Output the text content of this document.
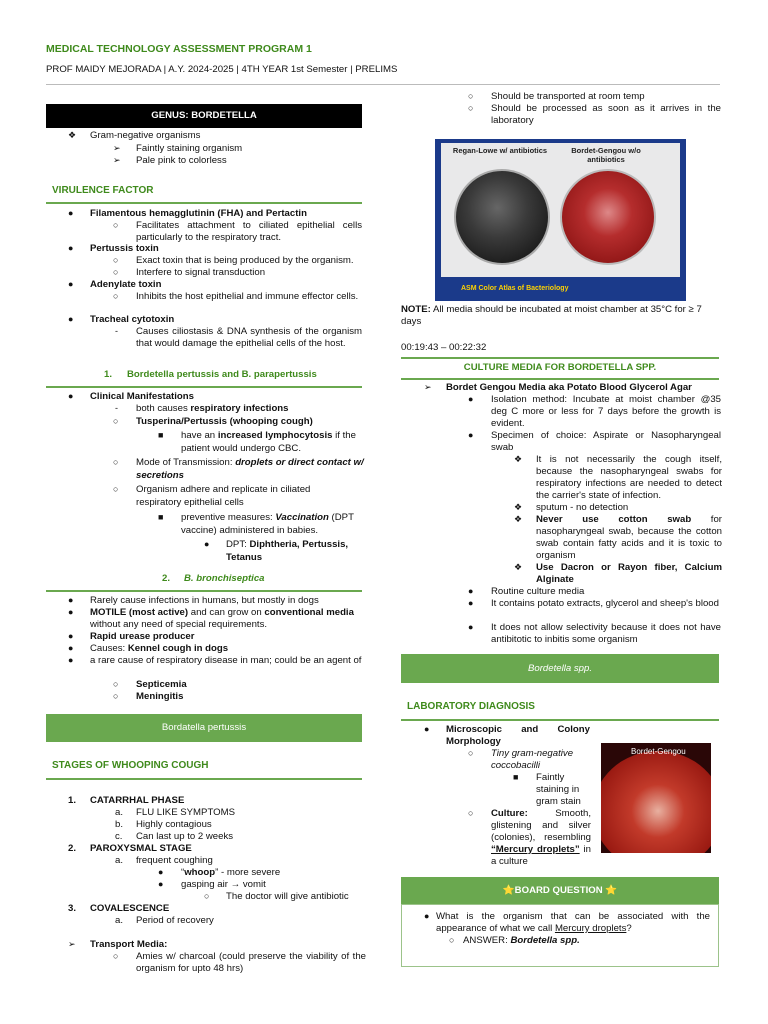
MEDICAL TECHNOLOGY ASSESSMENT PROGRAM 1
PROF MAIDY MEJORADA | A.Y. 2024-2025 | 4TH YEAR 1st Semester | PRELIMS
GENUS: BORDETELLA
❖ Gram-negative organisms
➢ Faintly staining organism
➢ Pale pink to colorless
VIRULENCE FACTOR
● Filamentous hemagglutinin (FHA) and Pertactin
○ Facilitates attachment to ciliated epithelial cells particularly to the respiratory tract.
● Pertussis toxin
○ Exact toxin that is being produced by the organism.
○ Interfere to signal transduction
● Adenylate toxin
○ Inhibits the host epithelial and immune effector cells.
● Tracheal cytotoxin
- Causes ciliostasis & DNA synthesis of the organism that would damage the epithelial cells of the host.
1. Bordetella pertussis and B. parapertussis
● Clinical Manifestations
- both causes respiratory infections
○ Tusperina/Pertussis (whooping cough)
■ have an increased lymphocytosis if the patient would undergo CBC.
○ Mode of Transmission: droplets or direct contact w/ secretions
○ Organism adhere and replicate in ciliated respiratory epithelial cells
■ preventive measures: Vaccination (DPT vaccine) administered in babies.
● DPT: Diphtheria, Pertussis, Tetanus
2. B. bronchiseptica
● Rarely cause infections in humans, but mostly in dogs
● MOTILE (most active) and can grow on conventional media without any need of special requirements.
● Rapid urease producer
● Causes: Kennel cough in dogs
● a rare cause of respiratory disease in man; could be an agent of
○ Septicemia
○ Meningitis
Bordatella pertussis
STAGES OF WHOOPING COUGH
1. CATARRHAL PHASE
a. FLU LIKE SYMPTOMS
b. Highly contagious
c. Can last up to 2 weeks
2. PAROXYSMAL STAGE
a. frequent coughing
● “whoop” - more severe
● gasping air → vomit
○ The doctor will give antibiotic
3. COVALESCENCE
a. Period of recovery
➢ Transport Media:
○ Amies w/ charcoal (could preserve the viability of the organism for upto 48 hrs)
○ Should be transported at room temp
○ Should be processed as soon as it arrives in the laboratory
Regan-Lowe w/ antibiotics	Bordet-Gengou w/o antibiotics
ASM Color Atlas of Bacteriology
NOTE: All media should be incubated at moist chamber at 35°C for ≥ 7 days
00:19:43 – 00:22:32
CULTURE MEDIA FOR BORDETELLA SPP.
➢ Bordet Gengou Media aka Potato Blood Glycerol Agar
● Isolation method: Incubate at moist chamber @35 deg C more or less for 7 days before the growth is evident.
● Specimen of choice: Aspirate or Nasopharyngeal swab
❖ It is not necessarily the cough itself, because the nasopharyngeal swabs for respiratory infections are needed to detect the carrier's state of infection.
❖ sputum - no detection
❖ Never use cotton swab for nasopharyngeal swab, because the cotton swab contain fatty acids and it is toxic to organism
❖ Use Dacron or Rayon fiber, Calcium Alginate
● Routine culture media
● It contains potato extracts, glycerol and sheep's blood
● It does not allow selectivity because it does not have antibitotic to inbitis some organism
Bordetella spp.
LABORATORY DIAGNOSIS
● Microscopic and Colony Morphology
○ Tiny gram-negative coccobacilli
■ Faintly staining in gram stain
○ Culture: Smooth, glistening and silver (colonies), resembling “Mercury droplets” in a culture
Bordet-Gengou
⭐BOARD QUESTION ⭐
● What is the organism that can be associated with the appearance of what we call Mercury droplets?
○ ANSWER: Bordetella spp.
